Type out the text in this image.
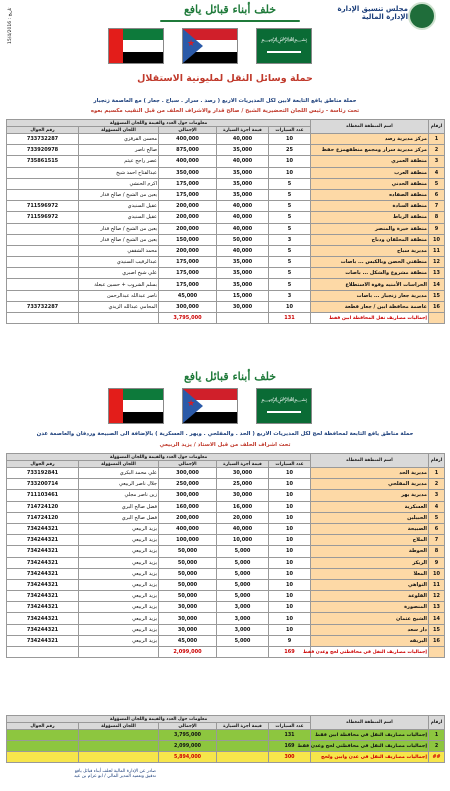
مجلس تنسيق الإدارة
الإدارة المالية
خلف أبناء قبائل يافع
تاريخ : 15/4/2016
★	﷽
حملة وسائل النقل لمليونية الاستقلال
حملة مناطق يافع التابعة لابين لكل المديريات الاربع ( رصد . سرار . سباح . جعار ) مع العاصمة زنجبار
تحت رئاسة - رئيس اللجان التحضيرية الشيخ / صالح قدار والاشراف الحلف من قبل النقيب مكسيم بعوه
ارقام	اسم المنطقة المغطاه	معلومات حول العدد والقيمة واللجان المسؤولة				
		عدد السيارات	قيمة أجرة السيارة	الإجمالي	اللجان المسؤولة	رقم الجوال
1	مركز مديرية رصد	10	40,000	400,000	محسن القرقزي	733732287
2	مركز مديرية سرار ومجمع منطقهمزع حفظ	25	35,000	875,000	صالح ناصر	733920978
3	منطقة العمري	10	40,000	400,000	عصر راجح عيثم	735861515
4	منطقة العرب	10	35,000	350,000	عبدالفتاح احمد شيخ	
5	منطقة الحدني	5	35,000	175,000	اكرم الحنشي	
6	منطقة الصفاده	5	35,000	175,000	يعين من الشيخ / صالح قدار	
7	منطقة السادة	5	40,000	200,000	عقيل السنيدي	711596972
8	منطقة الرباط	5	40,000	200,000	عقيل السنيدي	711596972
9	منطقة خيرة والمنصر	5	40,000	200,000	يعين من الشيخ / صالح قدار	
10	منطقة المحلقان ودباح	3	50,000	150,000	يعين من الشيخ / صالح قدار	
11	مديرية سباح	5	40,000	200,000	محمد الشقفي	
12	منطقتي الحصن وبالكبس ... باصات	5	35,000	175,000	عبدالرقيب السنيدي	
13	منطقة مشروع والشكل ... باصات	5	35,000	175,000	علي شيخ اصبري	
14	الحراسات الأمنيه وقوة الاستطلاع	5	35,000	175,000	بسلم الشروب + حسين عبعلة	
15	مديرية جعار زنجبار ... باصات	3	15,000	45,000	ناصر عبدالله عبدالرحمن	
16	عاصمة محافظة ابين / جعار قطعة	10	30,000	300,000	المحامي عبدالله الزيدي	733732287
	إجماليات مصاريف نقل المحافظة ابين فقط	131		3,795,000		
خلف أبناء قبائل يافع
★	﷽
حملة مناطق يافع التابعة لمحافظة لحج لكل المديريات الاربع ( الحد . والمفلحي . ويهر . العسكرية ) بالإضافة الى الصبيحة وردفان والعاصمة عدن
تحت اشراف الحلف من قبل الاستاذ / يزيد الربيعي
ارقام	اسم المنطقة المغطاه	معلومات حول العدد والقيمة واللجان المسؤولة				
		عدد السيارات	قيمة أجرة السيارة	الإجمالي	اللجان المسؤولة	رقم الجوال
1	مديرية الحد	10	30,000	300,000	علي محمد البكري	733192841
2	مديرية المفلحي	10	25,000	250,000	جلال ناصر الربيعي	733200714
3	مديرية يهر	10	30,000	300,000	زين ناصر مجلي	711103461
4	العسكرية	10	16,000	160,000	فضل صالح البري	714724120
5	الحبيلين	10	20,000	200,000	فضل صالح البري	714724120
6	الصبيحة	10	40,000	400,000	يزيد الربيعي	734244321
7	الملاح	10	10,000	100,000	يزيد الربيعي	734244321
8	الحوطة	10	5,000	50,000	يزيد الربيعي	734244321
9	الريكز	10	5,000	50,000	يزيد الربيعي	734244321
10	المعلا	10	5,000	50,000	يزيد الربيعي	734244321
11	التواهي	10	5,000	50,000	يزيد الربيعي	734244321
12	القلوعة	10	5,000	50,000	يزيد الربيعي	734244321
13	المنصورة	10	3,000	30,000	يزيد الربيعي	734244321
14	الشيخ عثمان	10	3,000	30,000	يزيد الربيعي	734244321
15	دار سعد	10	3,000	30,000	يزيد الربيعي	734244321
16	البريقه	9	5,000	45,000	يزيد الربيعي	734244321
	إجماليات مصاريف النقل في محافظتي لحج وعدن فقط	169		2,099,000		
ارقام	اسم المنطقة المغطاه	معلومات حول العدد والقيمة واللجان المسؤولة				
		عدد السيارات	قيمة أجرة السيارة	الإجمالي	اللجان المسؤولة	رقم الجوال
1	إجماليات مصاريف النقل في محافظة ابين فقط	131		3,795,000		
2	إجماليات مصاريف النقل في محافظتي لحج وعدن فقط	169		2,099,000		
##	إجماليات مصاريف النقل في عدن وابين ولحج	300		5,894,000		
صادر عن الإدارة المالية لحلف أبناء قبائل يافع
تدقيق وتعميد المدير المالي / ابو عزام بن عيه
